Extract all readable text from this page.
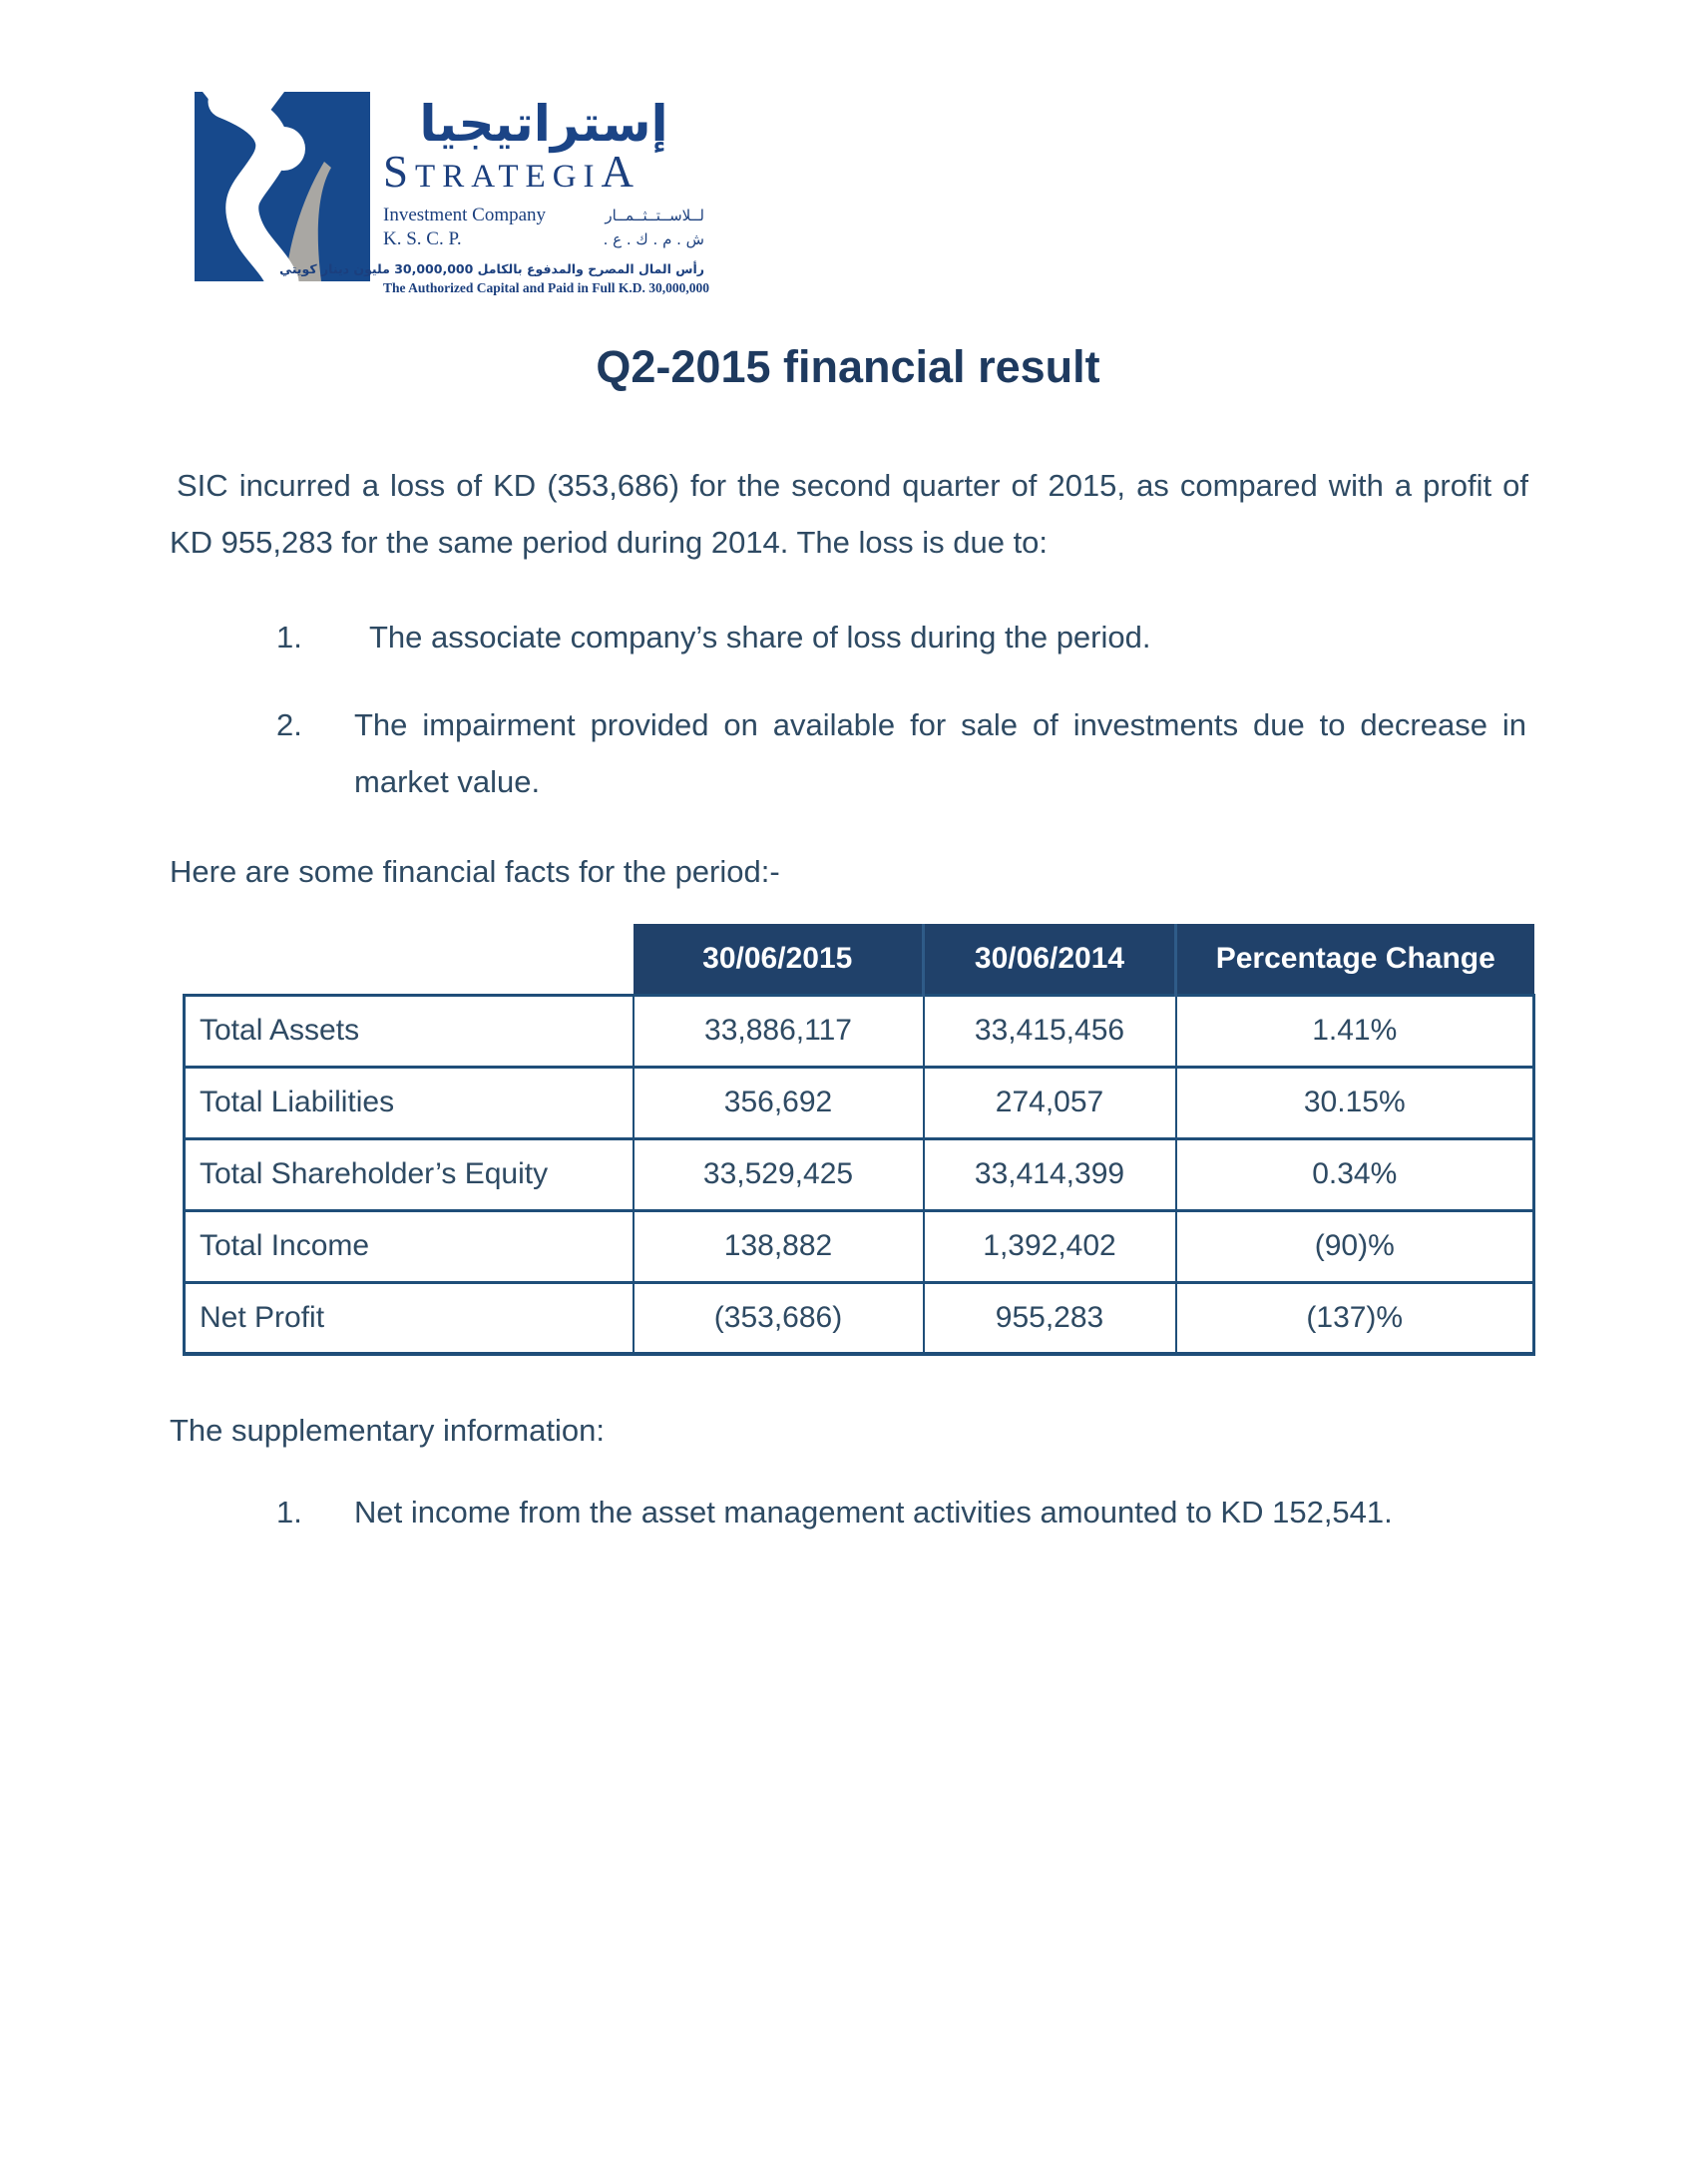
إستراتيجيا
STRATEGIA
Investment Company	لــلاســتــثــمــار
K. S. C. P.	ش . م . ك . ع .
رأس المال المصرح والمدفوع بالكامل 30,000,000 مليون دينار كويتي
The Authorized Capital and Paid in Full K.D. 30,000,000
Q2-2015 financial result

SIC incurred a loss of KD (353,686) for the second quarter of 2015, as compared with a profit of KD 955,283 for the same period during 2014. The loss is due to:

1.	The associate company’s share of loss during the period.
2.	The impairment provided on available for sale of investments due to decrease in market value.

Here are some financial facts for the period:-

	30/06/2015	30/06/2014	Percentage Change
Total Assets	33,886,117	33,415,456	1.41%
Total Liabilities	356,692	274,057	30.15%
Total Shareholder’s Equity	33,529,425	33,414,399	0.34%
Total Income	138,882	1,392,402	(90)%
Net Profit	(353,686)	955,283	(137)%

The supplementary information:

1.	Net income from the asset management activities amounted to KD 152,541.
